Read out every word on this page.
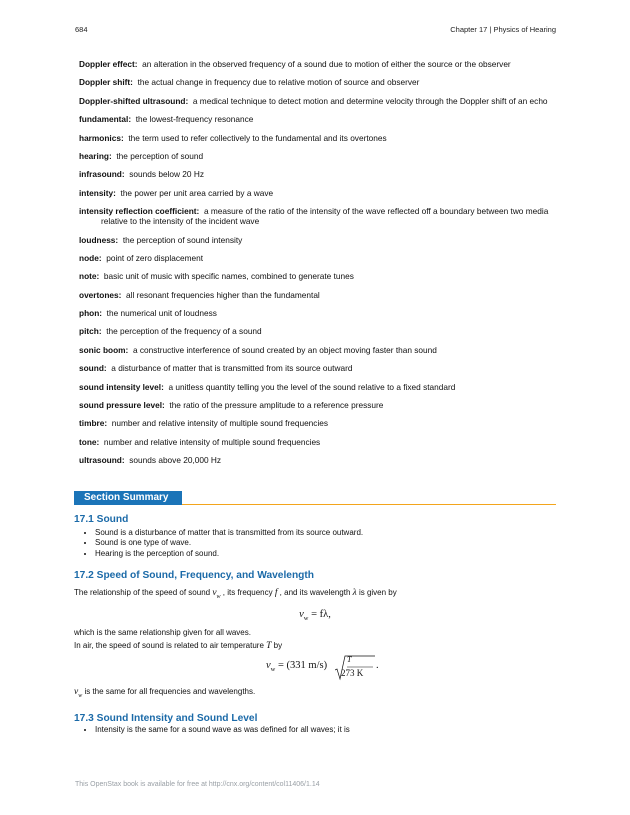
684	Chapter 17 | Physics of Hearing
Doppler effect: an alteration in the observed frequency of a sound due to motion of either the source or the observer
Doppler shift: the actual change in frequency due to relative motion of source and observer
Doppler-shifted ultrasound: a medical technique to detect motion and determine velocity through the Doppler shift of an echo
fundamental: the lowest-frequency resonance
harmonics: the term used to refer collectively to the fundamental and its overtones
hearing: the perception of sound
infrasound: sounds below 20 Hz
intensity: the power per unit area carried by a wave
intensity reflection coefficient: a measure of the ratio of the intensity of the wave reflected off a boundary between two media relative to the intensity of the incident wave
loudness: the perception of sound intensity
node: point of zero displacement
note: basic unit of music with specific names, combined to generate tunes
overtones: all resonant frequencies higher than the fundamental
phon: the numerical unit of loudness
pitch: the perception of the frequency of a sound
sonic boom: a constructive interference of sound created by an object moving faster than sound
sound: a disturbance of matter that is transmitted from its source outward
sound intensity level: a unitless quantity telling you the level of the sound relative to a fixed standard
sound pressure level: the ratio of the pressure amplitude to a reference pressure
timbre: number and relative intensity of multiple sound frequencies
tone: number and relative intensity of multiple sound frequencies
ultrasound: sounds above 20,000 Hz
Section Summary
17.1 Sound
• Sound is a disturbance of matter that is transmitted from its source outward.
• Sound is one type of wave.
• Hearing is the perception of sound.
17.2 Speed of Sound, Frequency, and Wavelength

The relationship of the speed of sound $v_w$ , its frequency f , and its wavelength λ is given by

$v_w = f\lambda$,

which is the same relationship given for all waves.

In air, the speed of sound is related to air temperature T by

$v_w = (331$ m/s)
T
273 K
.

$v_w$ is the same for all frequencies and wavelengths.

17.3 Sound Intensity and Sound Level
• Intensity is the same for a sound wave as was defined for all waves; it is
This OpenStax book is available for free at http://cnx.org/content/col11406/1.14
